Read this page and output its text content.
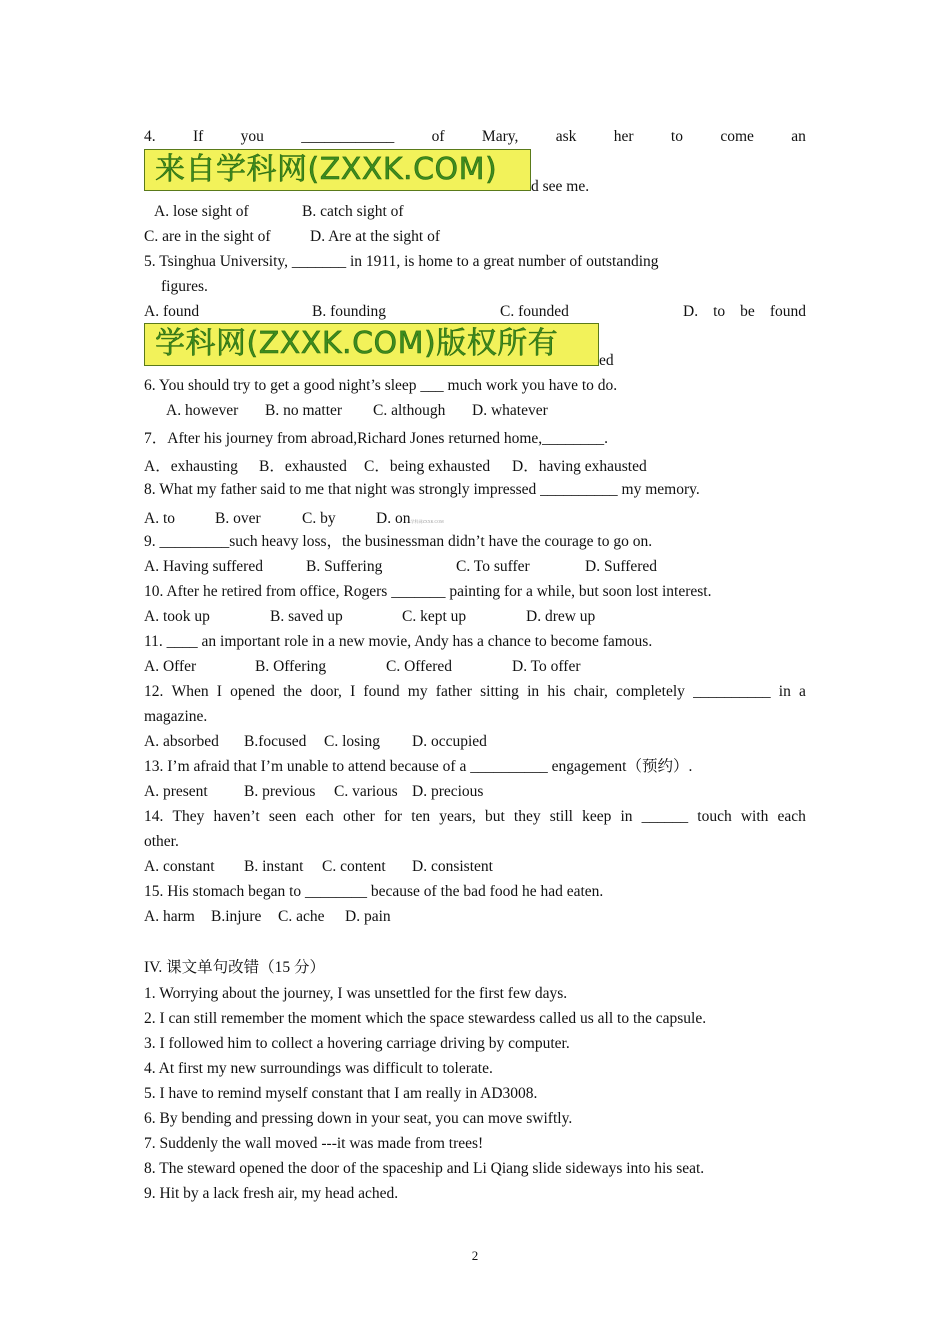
4. If you ____________ of Mary, ask her to come an
来自学科网(ZXXK.COM)	d see me.
A. lose sight of	B. catch sight of
C. are in the sight of	D. Are at the sight of
5. Tsinghua University, _______ in 1911, is home to a great number of outstanding
figures.
A. found	B. founding	C. founded	D. to be found
学科网(ZXXK.COM)版权所有	ed
6. You should try to get a good night’s sleep ___ much work you have to do.
A. however B. no matter C. although D. whatever
7．After his journey from abroad,Richard Jones returned home,________.
A．exhausting B．exhausted C．being exhausted D．having exhausted
8. What my father said to me that night was strongly impressed __________ my memory.
A. to	B. over	C. by	D. on学科网ZXXK.COM
9. _________such heavy loss，the businessman didn’t have the courage to go on.
A. Having suffered	B. Suffering	C. To suffer	D. Suffered
10. After he retired from office, Rogers _______ painting for a while, but soon lost interest.
A. took up	B. saved up	C. kept up	D. drew up
11. ____ an important role in a new movie, Andy has a chance to become famous.
A. Offer	B. Offering	C. Offered	D. To offer
12. When I opened the door, I found my father sitting in his chair, completely __________ in a
magazine.
A. absorbed B.focused C. losing D. occupied
13. I’m afraid that I’m unable to attend because of a __________ engagement（预约）.
A. present B. previous C. various D. precious
14. They haven’t seen each other for ten years, but they still keep in ______ touch with each
other.
A. constant B. instant C. content D. consistent
15. His stomach began to ________ because of the bad food he had eaten.
A. harm B.injure C. ache D. pain
IV. 课文单句改错（15 分）
1. Worrying about the journey, I was unsettled for the first few days.
2. I can still remember the moment which the space stewardess called us all to the capsule.
3. I followed him to collect a hovering carriage driving by computer.
4. At first my new surroundings was difficult to tolerate.
5. I have to remind myself constant that I am really in AD3008.
6. By bending and pressing down in your seat, you can move swiftly.
7. Suddenly the wall moved ---it was made from trees!
8. The steward opened the door of the spaceship and Li Qiang slide sideways into his seat.
9. Hit by a lack fresh air, my head ached.
2
